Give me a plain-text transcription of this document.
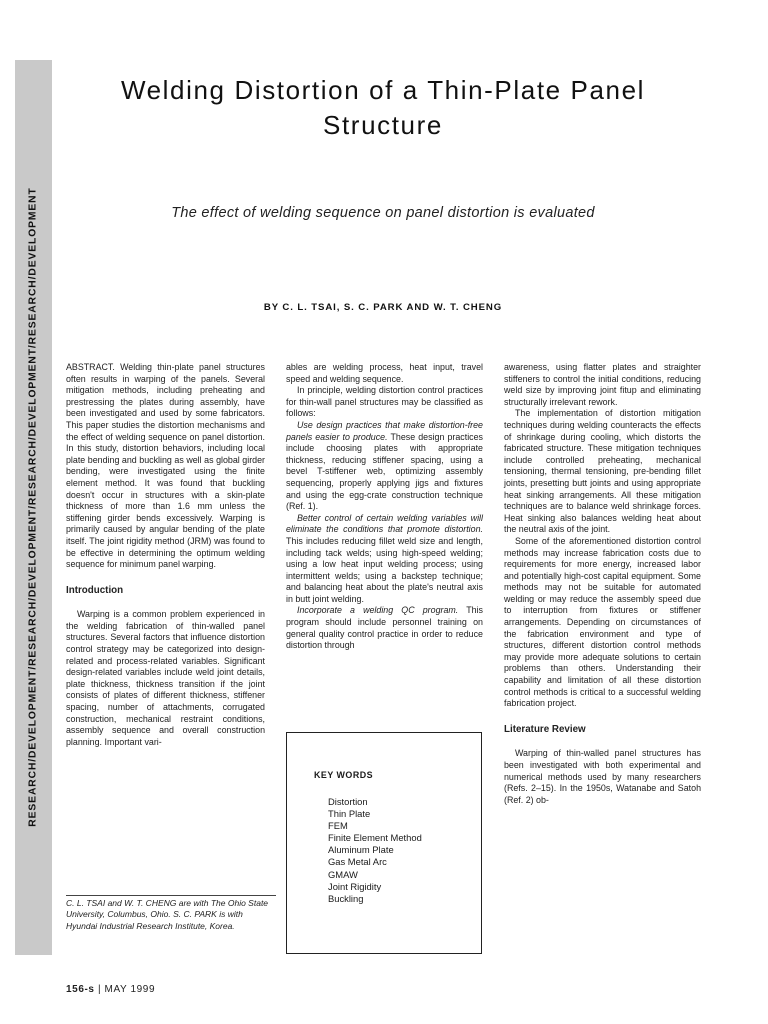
RESEARCH/DEVELOPMENT/RESEARCH/DEVELOPMENT/RESEARCH/DEVELOPMENT/RESEARCH/DEVELOPMENT
Welding Distortion of a Thin-Plate Panel
Structure
The effect of welding sequence on panel distortion is evaluated
BY C. L. TSAI, S. C. PARK AND W. T. CHENG

ABSTRACT. Welding thin-plate panel structures often results in warping of the panels. Several mitigation methods, including preheating and prestressing the plates during assembly, have been investigated and used by some fabricators. This paper studies the distortion mechanisms and the effect of welding sequence on panel distortion. In this study, distortion behaviors, including local plate bending and buckling as well as global girder bending, were investigated using the finite element method. It was found that buckling doesn't occur in structures with a skin-plate thickness of more than 1.6 mm unless the stiffening girder bends excessively. Warping is primarily caused by angular bending of the plate itself. The joint rigidity method (JRM) was found to be effective in determining the optimum welding sequence for minimum panel warping.

Introduction

Warping is a common problem experienced in the welding fabrication of thin-walled panel structures. Several factors that influence distortion control strategy may be categorized into design-related and process-related variables. Significant design-related variables include weld joint details, plate thickness, thickness transition if the joint consists of plates of different thickness, stiffener spacing, number of attachments, corrugated construction, mechanical restraint conditions, assembly sequence and overall construction planning. Important vari-

C. L. TSAI and W. T. CHENG are with The Ohio State University, Columbus, Ohio. S. C. PARK is with Hyundai Industrial Research Institute, Korea.

ables are welding process, heat input, travel speed and welding sequence.

In principle, welding distortion control practices for thin-wall panel structures may be classified as follows:

Use design practices that make distortion-free panels easier to produce. These design practices include choosing plates with appropriate thickness, reducing stiffener spacing, using a bevel T-stiffener web, optimizing assembly sequencing, properly applying jigs and fixtures and using the egg-crate construction technique (Ref. 1).

Better control of certain welding variables will eliminate the conditions that promote distortion. This includes reducing fillet weld size and length, including tack welds; using high-speed welding; using a low heat input welding process; using intermittent welds; using a backstep technique; and balancing heat about the plate's neutral axis in butt joint welding.

Incorporate a welding QC program. This program should include personnel training on general quality control practice in order to reduce distortion through

KEY WORDS
Distortion
Thin Plate
FEM
Finite Element Method
Aluminum Plate
Gas Metal Arc
GMAW
Joint Rigidity
Buckling

awareness, using flatter plates and straighter stiffeners to control the initial conditions, reducing weld size by improving joint fitup and eliminating structurally irrelevant rework.

The implementation of distortion mitigation techniques during welding counteracts the effects of shrinkage during cooling, which distorts the fabricated structure. These mitigation techniques include controlled preheating, mechanical tensioning, thermal tensioning, pre-bending fillet joints, presetting butt joints and using appropriate heat sinking arrangements. All these mitigation techniques are to balance weld shrinkage forces. Heat sinking also balances welding heat about the neutral axis of the joint.

Some of the aforementioned distortion control methods may increase fabrication costs due to requirements for more energy, increased labor and potentially high-cost capital equipment. Some methods may not be suitable for automated welding or may reduce the assembly speed due to interruption from fixtures or stiffener arrangements. Depending on circumstances of the fabrication environment and type of structures, different distortion control methods may provide more adequate solutions to certain problems than others. Understanding their capability and limitation of all these distortion control methods is critical to a successful welding fabrication project.

Literature Review

Warping of thin-walled panel structures has been investigated with both experimental and numerical methods used by many researchers (Refs. 2–15). In the 1950s, Watanabe and Satoh (Ref. 2) ob-

156-s | MAY 1999
